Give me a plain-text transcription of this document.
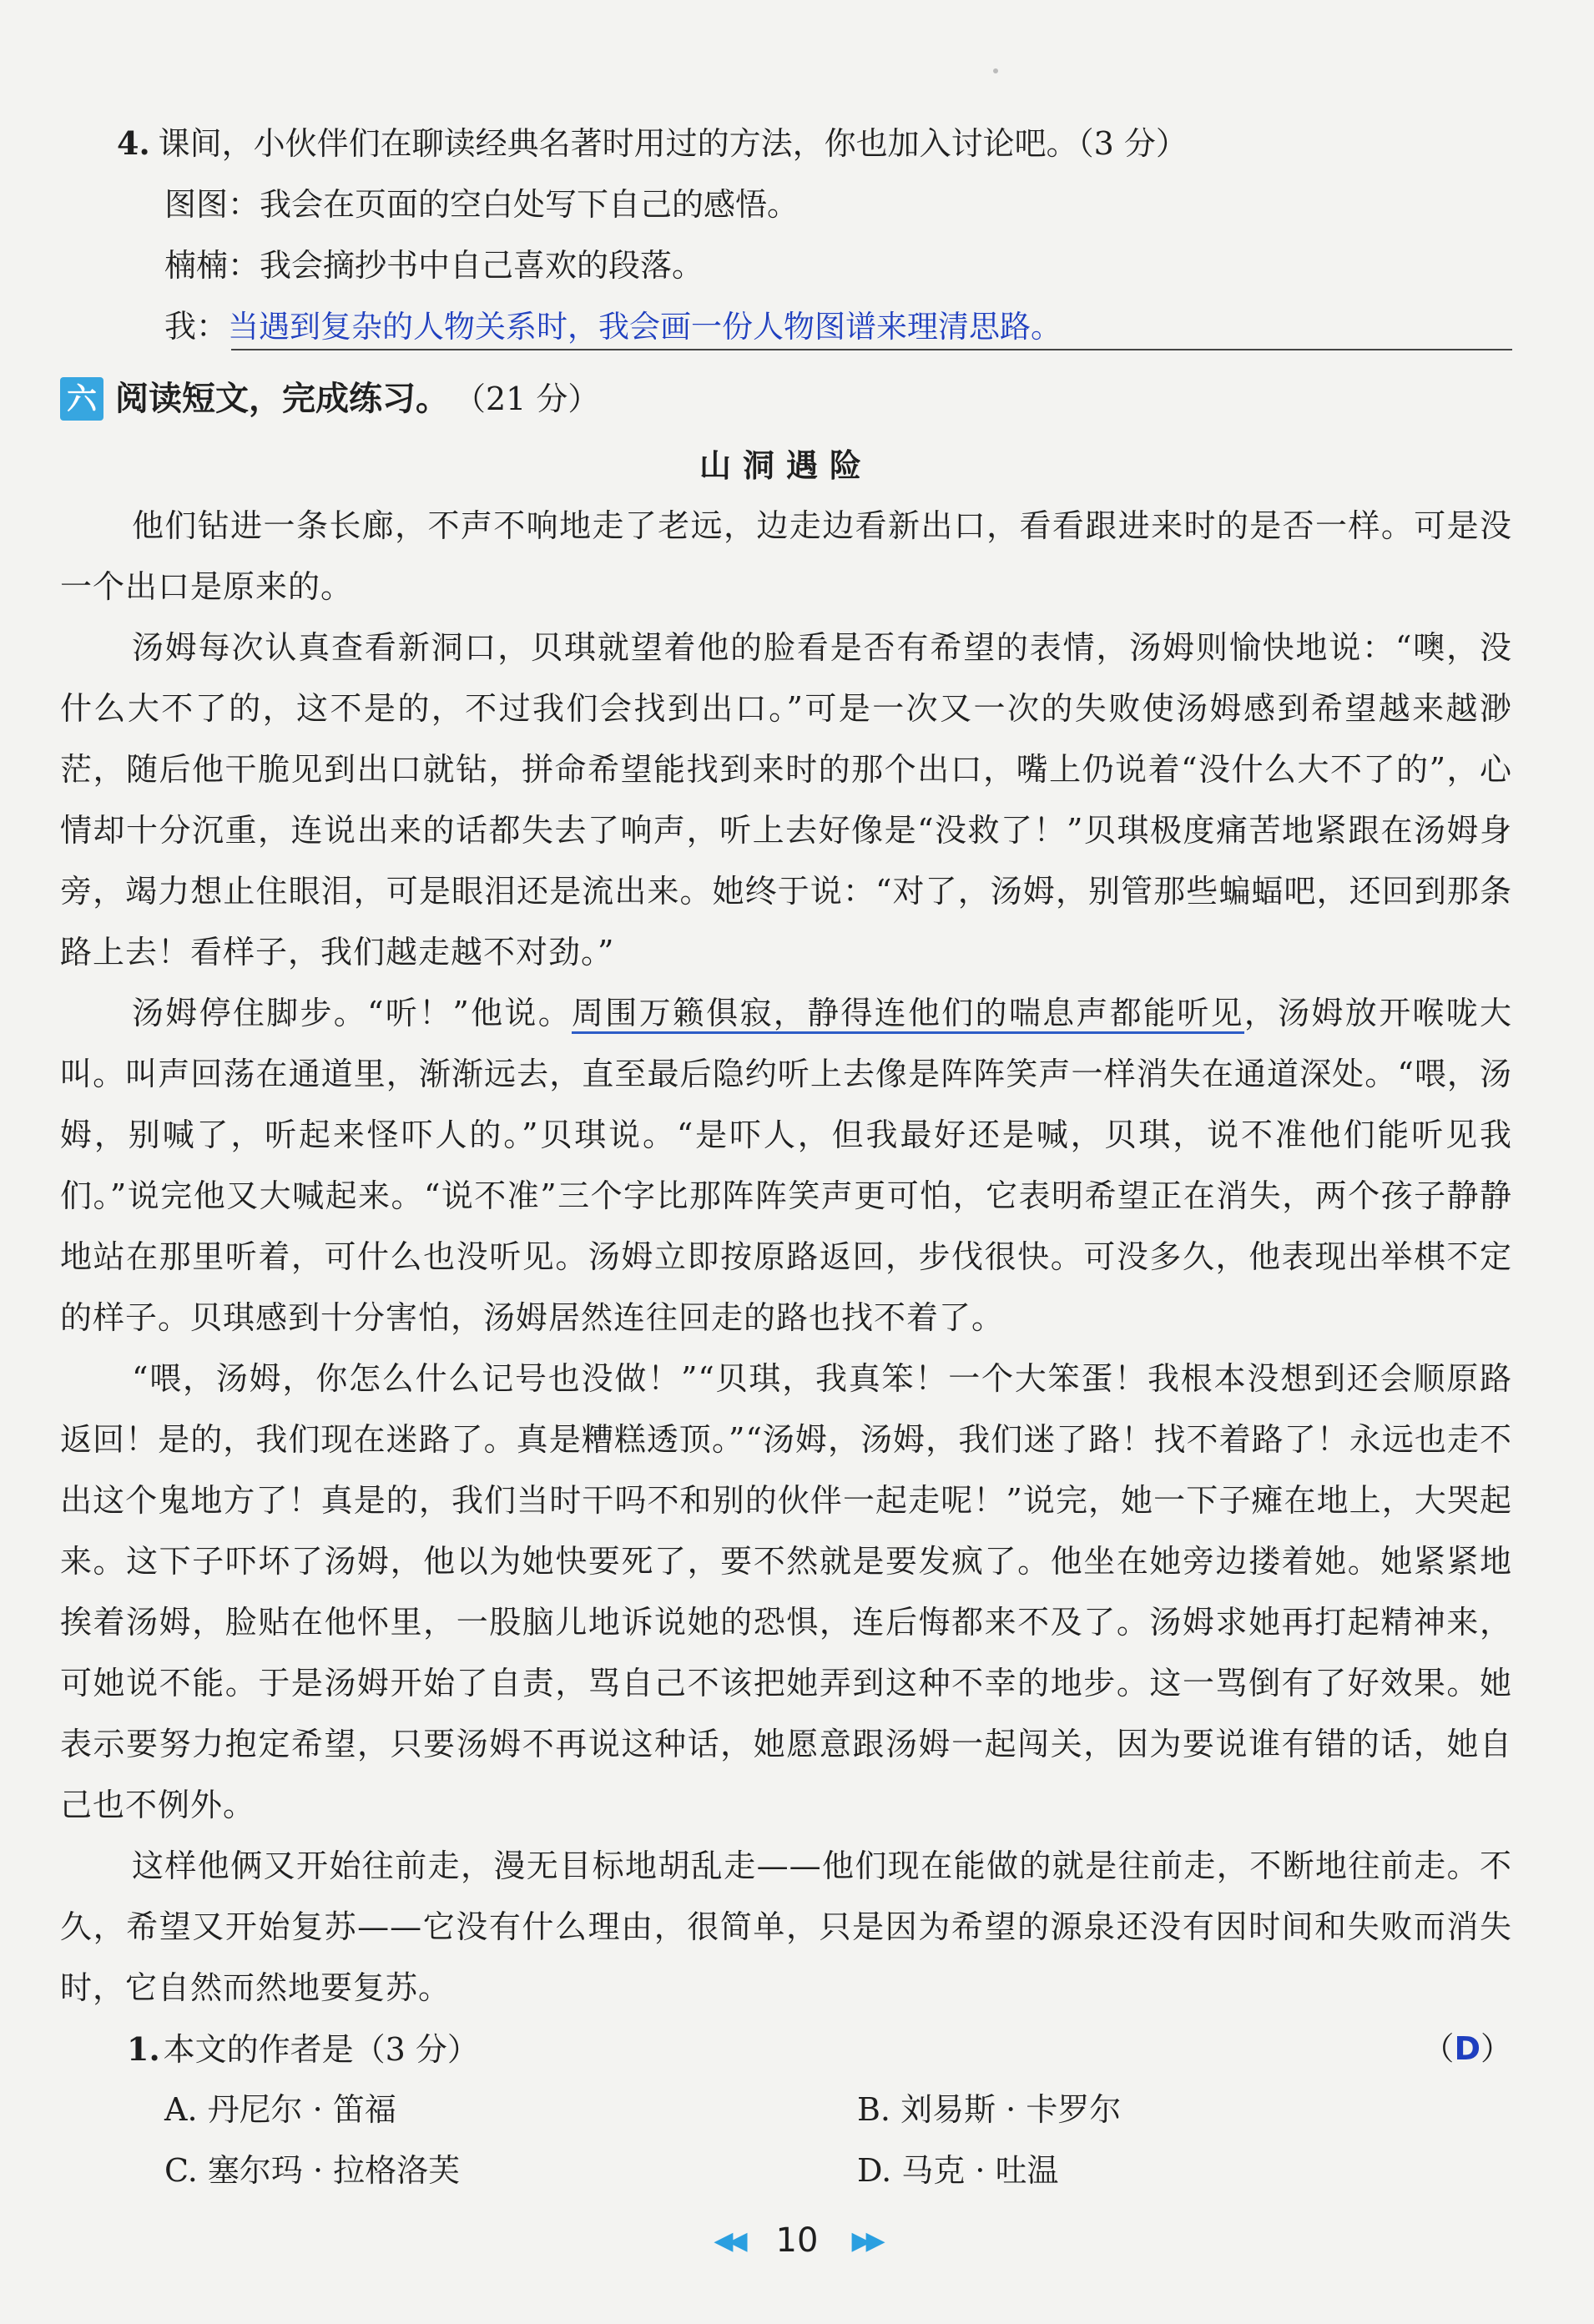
4. 课间，小伙伴们在聊读经典名著时用过的方法，你也加入讨论吧。（3 分）
图图：我会在页面的空白处写下自己的感悟。
楠楠：我会摘抄书中自己喜欢的段落。
我：当遇到复杂的人物关系时，我会画一份人物图谱来理清思路。
六 阅读短文，完成练习。 （21 分）
山洞遇险

他们钻进一条长廊，不声不响地走了老远，边走边看新出口，看看跟进来时的是否一样。可是没一个出口是原来的。

汤姆每次认真查看新洞口，贝琪就望着他的脸看是否有希望的表情，汤姆则愉快地说：“噢，没什么大不了的，这不是的，不过我们会找到出口。”可是一次又一次的失败使汤姆感到希望越来越渺茫，随后他干脆见到出口就钻，拼命希望能找到来时的那个出口，嘴上仍说着“没什么大不了的”，心情却十分沉重，连说出来的话都失去了响声，听上去好像是“没救了！”贝琪极度痛苦地紧跟在汤姆身旁，竭力想止住眼泪，可是眼泪还是流出来。她终于说：“对了，汤姆，别管那些蝙蝠吧，还回到那条路上去！看样子，我们越走越不对劲。”

汤姆停住脚步。“听！”他说。周围万籁俱寂，静得连他们的喘息声都能听见，汤姆放开喉咙大叫。叫声回荡在通道里，渐渐远去，直至最后隐约听上去像是阵阵笑声一样消失在通道深处。“喂，汤姆，别喊了，听起来怪吓人的。”贝琪说。“是吓人，但我最好还是喊，贝琪，说不准他们能听见我们。”说完他又大喊起来。“说不准”三个字比那阵阵笑声更可怕，它表明希望正在消失，两个孩子静静地站在那里听着，可什么也没听见。汤姆立即按原路返回，步伐很快。可没多久，他表现出举棋不定的样子。贝琪感到十分害怕，汤姆居然连往回走的路也找不着了。

“喂，汤姆，你怎么什么记号也没做！”“贝琪，我真笨！一个大笨蛋！我根本没想到还会顺原路返回！是的，我们现在迷路了。真是糟糕透顶。”“汤姆，汤姆，我们迷了路！找不着路了！永远也走不出这个鬼地方了！真是的，我们当时干吗不和别的伙伴一起走呢！”说完，她一下子瘫在地上，大哭起来。这下子吓坏了汤姆，他以为她快要死了，要不然就是要发疯了。他坐在她旁边搂着她。她紧紧地挨着汤姆，脸贴在他怀里，一股脑儿地诉说她的恐惧，连后悔都来不及了。汤姆求她再打起精神来，可她说不能。于是汤姆开始了自责，骂自己不该把她弄到这种不幸的地步。这一骂倒有了好效果。她表示要努力抱定希望，只要汤姆不再说这种话，她愿意跟汤姆一起闯关，因为要说谁有错的话，她自己也不例外。

这样他俩又开始往前走，漫无目标地胡乱走——他们现在能做的就是往前走，不断地往前走。不久，希望又开始复苏——它没有什么理由，很简单，只是因为希望的源泉还没有因时间和失败而消失时，它自然而然地要复苏。

1. 本文的作者是（3 分）	（D）
A. 丹尼尔 · 笛福	B. 刘易斯 · 卡罗尔
C. 塞尔玛 · 拉格洛芙	D. 马克 · 吐温
◀◀ 10 ▶▶
